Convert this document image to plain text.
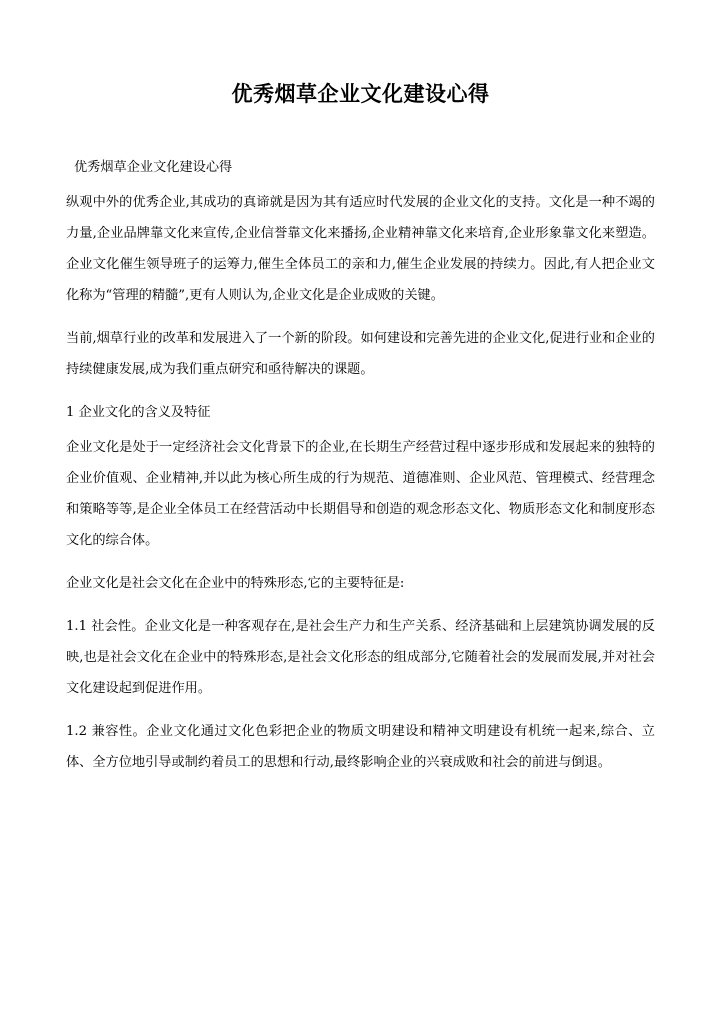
优秀烟草企业文化建设心得

优秀烟草企业文化建设心得

纵观中外的优秀企业,其成功的真谛就是因为其有适应时代发展的企业文化的支持。文化是一种不竭的力量,企业品牌靠文化来宣传,企业信誉靠文化来播扬,企业精神靠文化来培育,企业形象靠文化来塑造。企业文化催生领导班子的运筹力,催生全体员工的亲和力,催生企业发展的持续力。因此,有人把企业文化称为“管理的精髓”,更有人则认为,企业文化是企业成败的关键。

当前,烟草行业的改革和发展进入了一个新的阶段。如何建设和完善先进的企业文化,促进行业和企业的持续健康发展,成为我们重点研究和亟待解决的课题。

1 企业文化的含义及特征

企业文化是处于一定经济社会文化背景下的企业,在长期生产经营过程中逐步形成和发展起来的独特的企业价值观、企业精神,并以此为核心所生成的行为规范、道德准则、企业风范、管理模式、经营理念和策略等等,是企业全体员工在经营活动中长期倡导和创造的观念形态文化、物质形态文化和制度形态文化的综合体。

企业文化是社会文化在企业中的特殊形态,它的主要特征是:

1.1 社会性。企业文化是一种客观存在,是社会生产力和生产关系、经济基础和上层建筑协调发展的反映,也是社会文化在企业中的特殊形态,是社会文化形态的组成部分,它随着社会的发展而发展,并对社会文化建设起到促进作用。

1.2 兼容性。企业文化通过文化色彩把企业的物质文明建设和精神文明建设有机统一起来,综合、立体、全方位地引导或制约着员工的思想和行动,最终影响企业的兴衰成败和社会的前进与倒退。
